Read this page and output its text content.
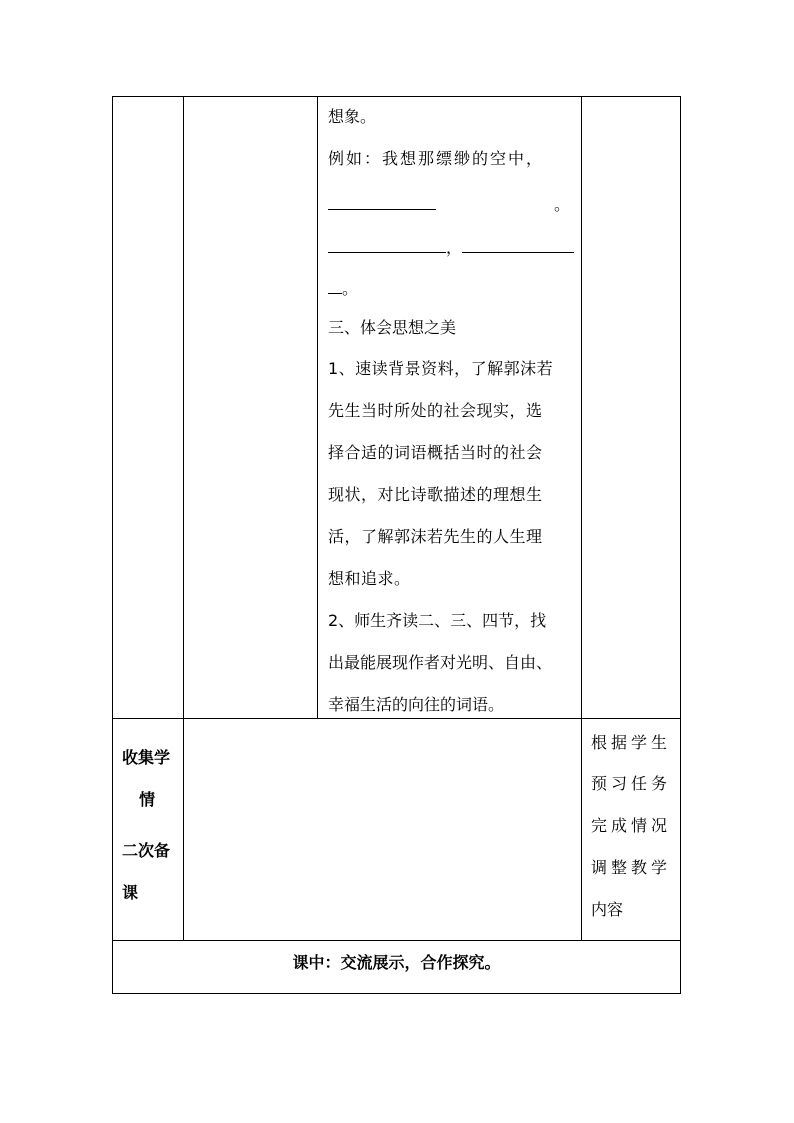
想象。
例如：我想那缥缈的空中，
。
，
。
三、体会思想之美
1、速读背景资料，了解郭沫若
先生当时所处的社会现实，选
择合适的词语概括当时的社会
现状，对比诗歌描述的理想生
活，了解郭沫若先生的人生理
想和追求。
2、师生齐读二、三、四节，找
出最能展现作者对光明、自由、
幸福生活的向往的词语。
收集学
情
二次备
课
根据学生
预习任务
完成情况
调整教学
内容
课中：交流展示，合作探究。
